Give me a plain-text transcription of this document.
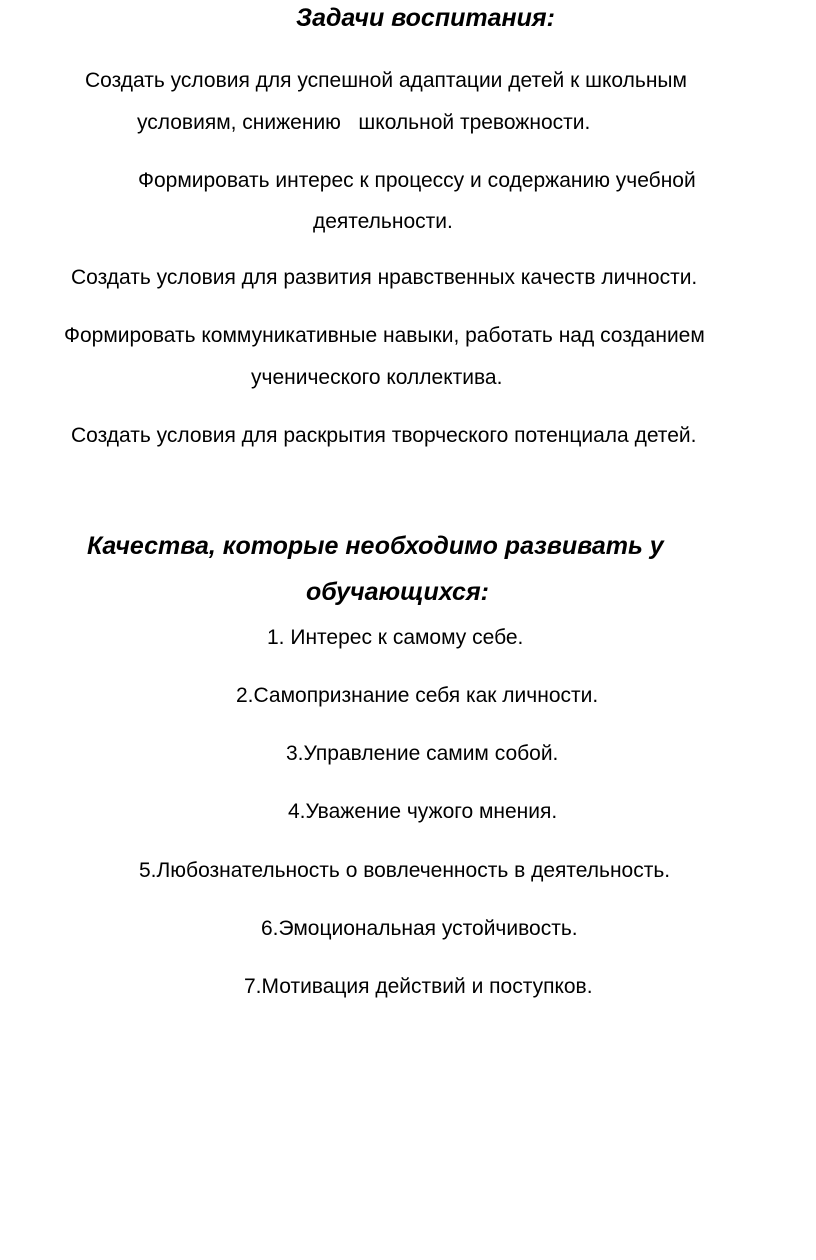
Задачи воспитания:
Создать условия для успешной адаптации детей к школьным
условиям, снижению   школьной тревожности.
Формировать интерес к процессу и содержанию учебной
деятельности.
Создать условия для развития нравственных качеств личности.
Формировать коммуникативные навыки, работать над созданием
ученического коллектива.
Создать условия для раскрытия творческого потенциала детей.
Качества, которые необходимо развивать у
обучающихся:
1. Интерес к самому себе.
2.Самопризнание себя как личности.
3.Управление самим собой.
4.Уважение чужого мнения.
5.Любознательность о вовлеченность в деятельность.
6.Эмоциональная устойчивость.
7.Мотивация действий и поступков.
